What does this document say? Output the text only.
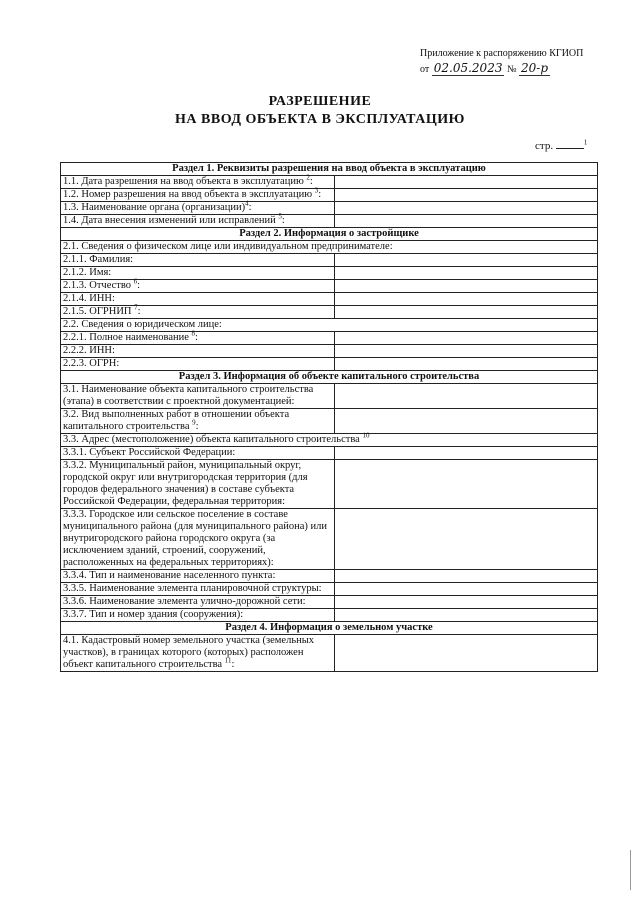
Приложение к распоряжению КГИОП
от 02.05.2023 № 20-р
РАЗРЕШЕНИЕ
НА ВВОД ОБЪЕКТА В ЭКСПЛУАТАЦИЮ
стр.	$^1$
Раздел 1. Реквизиты разрешения на ввод объекта в эксплуатацию	
1.1. Дата разрешения на ввод объекта в эксплуатацию $^2$:	
1.2. Номер разрешения на ввод объекта в эксплуатацию $^3$:	
1.3. Наименование органа (организации)$^4$:	
1.4. Дата внесения изменений или исправлений $^5$:	
Раздел 2. Информация о застройщике	
2.1. Сведения о физическом лице или индивидуальном предпринимателе:	
2.1.1. Фамилия:	
2.1.2. Имя:	
2.1.3. Отчество $^6$:	
2.1.4. ИНН:	
2.1.5. ОГРНИП $^7$:	
2.2. Сведения о юридическом лице:	
2.2.1. Полное наименование $^8$:	
2.2.2. ИНН:	
2.2.3. ОГРН:	
Раздел 3. Информация об объекте капитального строительства	
3.1. Наименование объекта капитального строительства (этапа) в соответствии с проектной документацией:	
3.2. Вид выполненных работ в отношении объекта капитального строительства $^9$:	
3.3. Адрес (местоположение) объекта капитального строительства $^{10}$
3.3.1. Субъект Российской Федерации:	
3.3.2. Муниципальный район, муниципальный округ, городской округ или внутригородская территория (для городов федерального значения) в составе субъекта Российской Федерации, федеральная территория:	
3.3.3. Городское или сельское поселение в составе муниципального района (для муниципального района) или внутригородского района городского округа (за исключением зданий, строений, сооружений, расположенных на федеральных территориях):	
3.3.4. Тип и наименование населенного пункта:	
3.3.5. Наименование элемента планировочной структуры:	
3.3.6. Наименование элемента улично-дорожной сети:	
3.3.7. Тип и номер здания (сооружения):	
Раздел 4. Информация о земельном участке	
4.1. Кадастровый номер земельного участка (земельных участков), в границах которого (которых) расположен объект капитального строительства $^{11}$:	
